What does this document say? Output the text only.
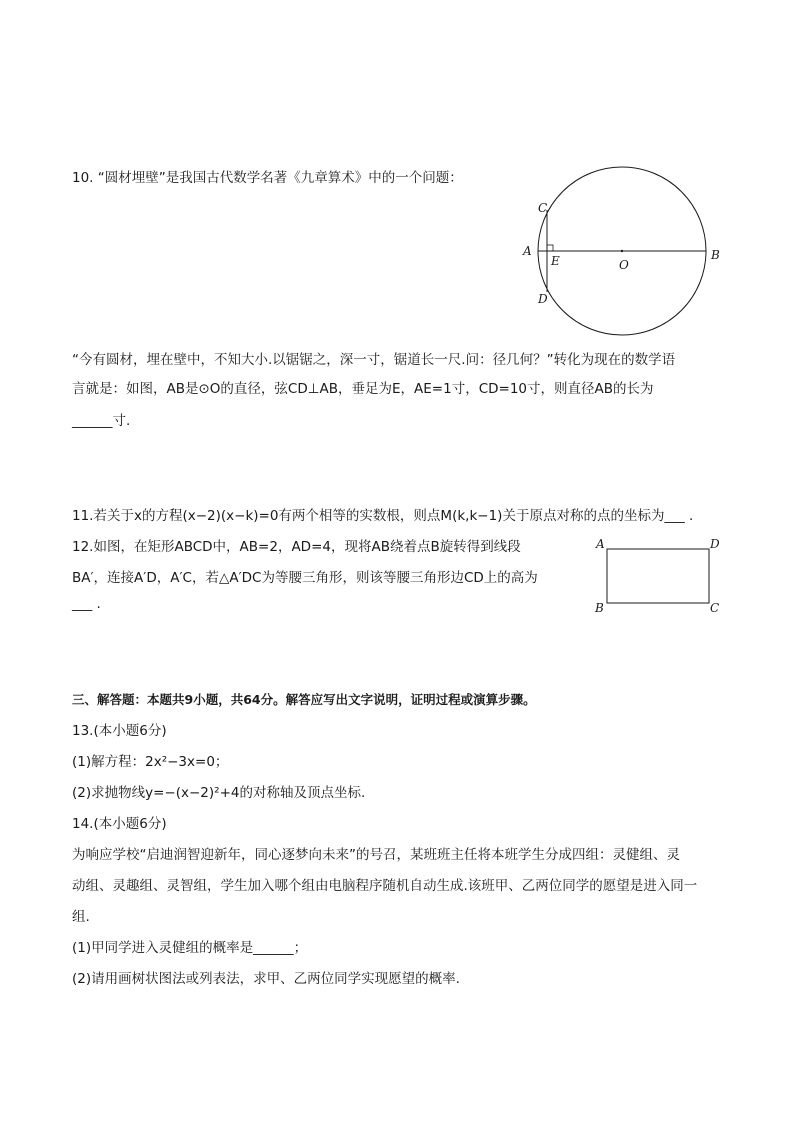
10. “圆材埋壁”是我国古代数学名著《九章算术》中的一个问题：
A	B
C
D
E	O
“今有圆材，埋在壁中，不知大小.以锯锯之，深一寸，锯道长一尺.问：径几何？”转化为现在的数学语
言就是：如图，AB是⊙O的直径，弦CD⊥AB，垂足为E，AE=1寸，CD=10寸，则直径AB的长为
______寸.
11.若关于x的方程(x−2)(x−k)=0有两个相等的实数根，则点M(k,k−1)关于原点对称的点的坐标为___ .
12.如图，在矩形ABCD中，AB=2，AD=4，现将AB绕着点B旋转得到线段
BA′，连接A′D，A′C，若△A′DC为等腰三角形，则该等腰三角形边CD上的高为
___ .
A	D
B	C
三、解答题：本题共9小题，共64分。解答应写出文字说明，证明过程或演算步骤。
13.(本小题6分)
(1)解方程：2x²−3x=0；
(2)求抛物线y=−(x−2)²+4的对称轴及顶点坐标.
14.(本小题6分)
为响应学校“启迪润智迎新年，同心逐梦向未来”的号召，某班班主任将本班学生分成四组：灵健组、灵
动组、灵趣组、灵智组，学生加入哪个组由电脑程序随机自动生成.该班甲、乙两位同学的愿望是进入同一
组.
(1)甲同学进入灵健组的概率是______；
(2)请用画树状图法或列表法，求甲、乙两位同学实现愿望的概率.
